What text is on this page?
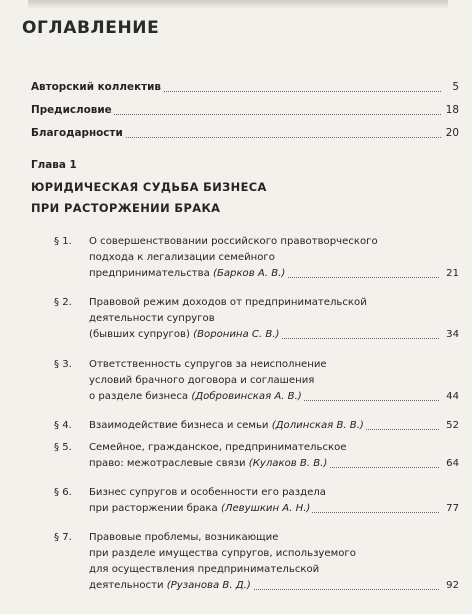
ОГЛАВЛЕНИЕ
Авторский коллектив	5
Предисловие	18
Благодарности	20
Глава 1
ЮРИДИЧЕСКАЯ СУДЬБА БИЗНЕСА
ПРИ РАСТОРЖЕНИИ БРАКА
§ 1. О совершенствовании российского правотворческого
подхода к легализации семейного
предпринимательства (Барков А. В.)	21
§ 2. Правовой режим доходов от предпринимательской
деятельности супругов
(бывших супругов) (Воронина С. В.)	34
§ 3. Ответственность супругов за неисполнение
условий брачного договора и соглашения
о разделе бизнеса (Добровинская А. В.)	44
§ 4. Взаимодействие бизнеса и семьи (Долинская В. В.)	52
§ 5. Семейное, гражданское, предпринимательское
право: межотраслевые связи (Кулаков В. В.)	64
§ 6. Бизнес супругов и особенности его раздела
при расторжении брака (Левушкин А. Н.)	77
§ 7. Правовые проблемы, возникающие
при разделе имущества супругов, используемого
для осуществления предпринимательской
деятельности (Рузанова В. Д.)	92
